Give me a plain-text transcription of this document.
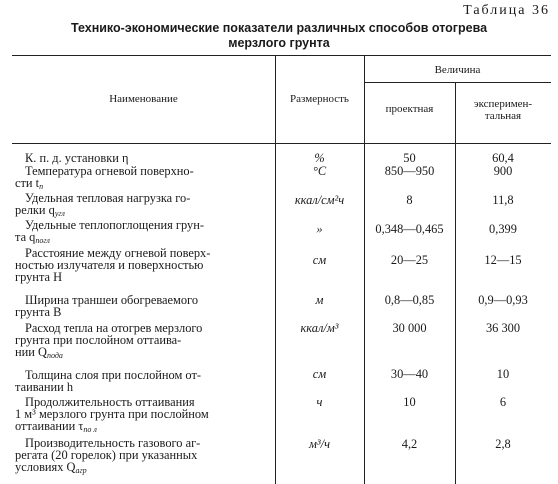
Таблица 36
Технико-экономические показатели различных способов отогрева
мерзлого грунта
Наименование	Размерность
Величина
проектная	эксперимен-
тальная
К. п. д. установки η	%	50	60,4
Температура огневой поверхно-
сти $t_п$
°С	850—950	900
Удельная тепловая нагрузка го-
релки $q_{угл}$
ккал/см²ч	8	11,8
Удельные теплопоглощения грун-
та $q_{погл}$
»	0,348—0,465	0,399
Расстояние между огневой поверх-
ностью излучателя и поверхностью
грунта H
см	20—25	12—15
Ширина траншеи обогреваемого
грунта B
м	0,8—0,85	0,9—0,93
Расход тепла на отогрев мерзлого
грунта при послойном оттаива-
нии $Q_{пода}$
ккал/м³	30 000	36 300
Толщина слоя при послойном от-
таивании h
см	30—40	10
Продолжительность оттаивания
1 м³ мерзлого грунта при послойном
оттаивании $\tau_{по л}$
ч	10	6
Производительность газового аг-
регата (20 горелок) при указанных
условиях $Q_{агр}$
м³/ч	4,2	2,8
